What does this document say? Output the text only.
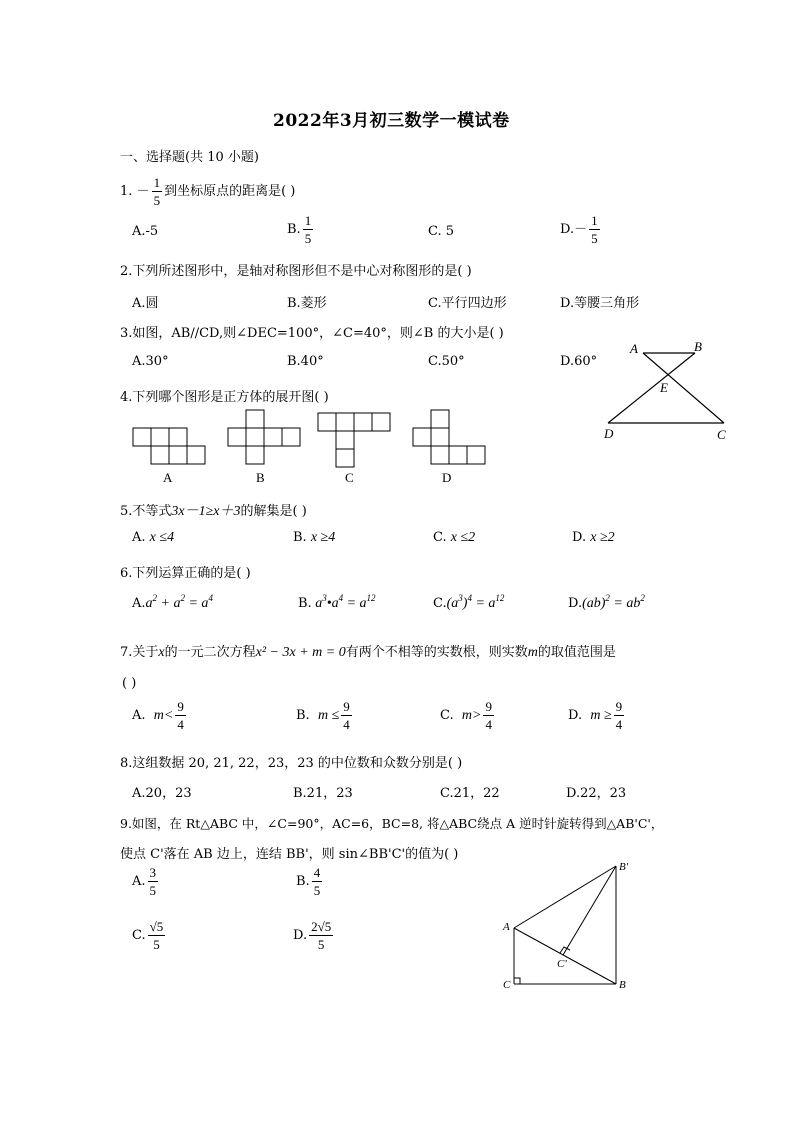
2022年3月初三数学一模试卷
一、选择题(共 10 小题)
1. － $\frac{1}{5}$ 到坐标原点的距离是( )
A.-5	B. $\frac{1}{5}$	C. 5	$D.- \frac{1}{5}$
2.下列所述图形中，是轴对称图形但不是中心对称图形的是( )
A.圆	B.菱形	C.平行四边形	D.等腰三角形
3.如图，AB//CD,则∠DEC=100°，∠C=40°，则∠B 的大小是( )
A.30°	B.40°	C.50°	D.60°
A	B
E
D	C
4.下列哪个图形是正方体的展开图( )
A	B	C	D
5.不等式3x－1≥x＋3的解集是( )
A. x ≤4	B. x ≥4	C. x ≤2	D. x ≥2
6.下列运算正确的是( )
$A.a^2 + a^2 = a^4$	B. $a^3•a^4 = a^{12}$	$C.(a^3)^4 = a^{12}$	$D.(ab)^2 = ab^2$
7.关于x的一元二次方程x² − 3x + m = 0有两个不相等的实数根，则实数m的取值范围是
( )
A. $m< \frac{9}{4}$	B. $m \le \frac{9}{4}$	C. $m> \frac{9}{4}$	D. $m \ge \frac{9}{4}$
8.这组数据 20, 21, 22，23，23 的中位数和众数分别是( )
A.20，23	B.21，23	C.21，22	D.22，23
9.如图，在 Rt△ABC 中，∠C=90°，AC=6，BC=8, 将△ABC绕点 A 逆时针旋转得到△AB'C'，
使点 C'落在 AB 边上，连结 BB'，则 sin∠BB'C'的值为( )
A. $\frac{3}{5}$	B. $\frac{4}{5}$
C. $\frac{√5}{5}$	D. $\frac{2√5}{5}$	A
C	B
C'
B'
